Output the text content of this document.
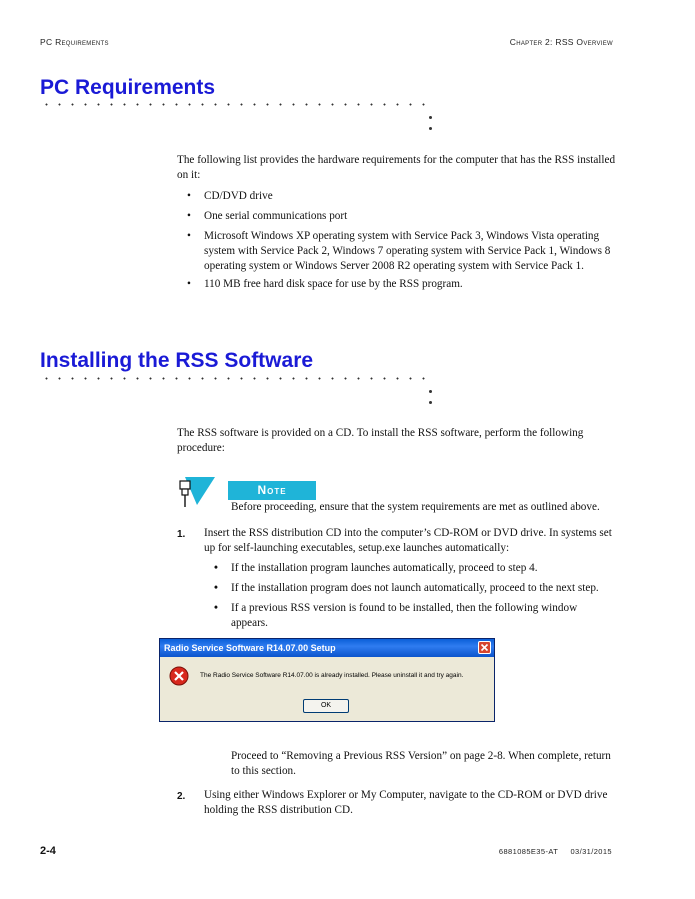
PC Requirements	Chapter 2: RSS Overview
PC Requirements
The following list provides the hardware requirements for the computer that has the RSS installed on it:
• CD/DVD drive
• One serial communications port
• Microsoft Windows XP operating system with Service Pack 3, Windows Vista operating system with Service Pack 2, Windows 7 operating system with Service Pack 1, Windows 8 operating system or Windows Server 2008 R2 operating system with Service Pack 1.
• 110 MB free hard disk space for use by the RSS program.
Installing the RSS Software
The RSS software is provided on a CD. To install the RSS software, perform the following procedure:
Note
Before proceeding, ensure that the system requirements are met as outlined above.
1. Insert the RSS distribution CD into the computer’s CD-ROM or DVD drive. In systems set up for self-launching executables, setup.exe launches automatically:
• If the installation program launches automatically, proceed to step 4.
• If the installation program does not launch automatically, proceed to the next step.
• If a previous RSS version is found to be installed, then the following window appears.
Radio Service Software R14.07.00 Setup
The Radio Service Software R14.07.00 is already installed. Please uninstall it and try again.
OK
Proceed to “Removing a Previous RSS Version” on page 2-8. When complete, return to this section.
2. Using either Windows Explorer or My Computer, navigate to the CD-ROM or DVD drive holding the RSS distribution CD.
2-4	6881085E35-AT     03/31/2015
